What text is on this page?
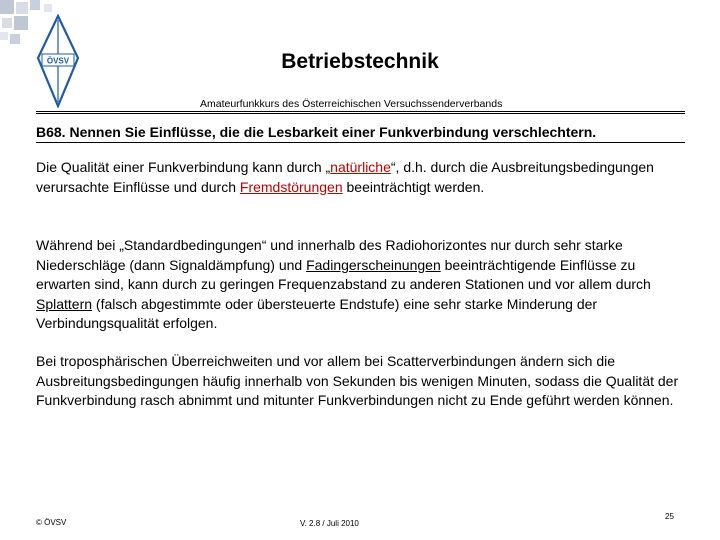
ÖVSV	Betriebstechnik
Amateurfunkkurs des Österreichischen Versuchssenderverbands
B68. Nennen Sie Einflüsse, die die Lesbarkeit einer Funkverbindung verschlechtern.
Die Qualität einer Funkverbindung kann durch „natürliche“, d.h. durch die Ausbreitungsbedingungen verursachte Einflüsse und durch Fremdstörungen beeinträchtigt werden.
Während bei „Standardbedingungen“ und innerhalb des Radiohorizontes nur durch sehr starke Niederschläge (dann Signaldämpfung) und Fadingerscheinungen beeinträchtigende Einflüsse zu erwarten sind, kann durch zu geringen Frequenzabstand zu anderen Stationen und vor allem durch Splattern (falsch abgestimmte oder übersteuerte Endstufe) eine sehr starke Minderung der Verbindungsqualität erfolgen.
Bei troposphärischen Überreichweiten und vor allem bei Scatterverbindungen ändern sich die Ausbreitungsbedingungen häufig innerhalb von Sekunden bis wenigen Minuten, sodass die Qualität der Funkverbindung rasch abnimmt und mitunter Funkverbindungen nicht zu Ende geführt werden können.
© ÖVSV	V. 2.8 / Juli 2010
25
